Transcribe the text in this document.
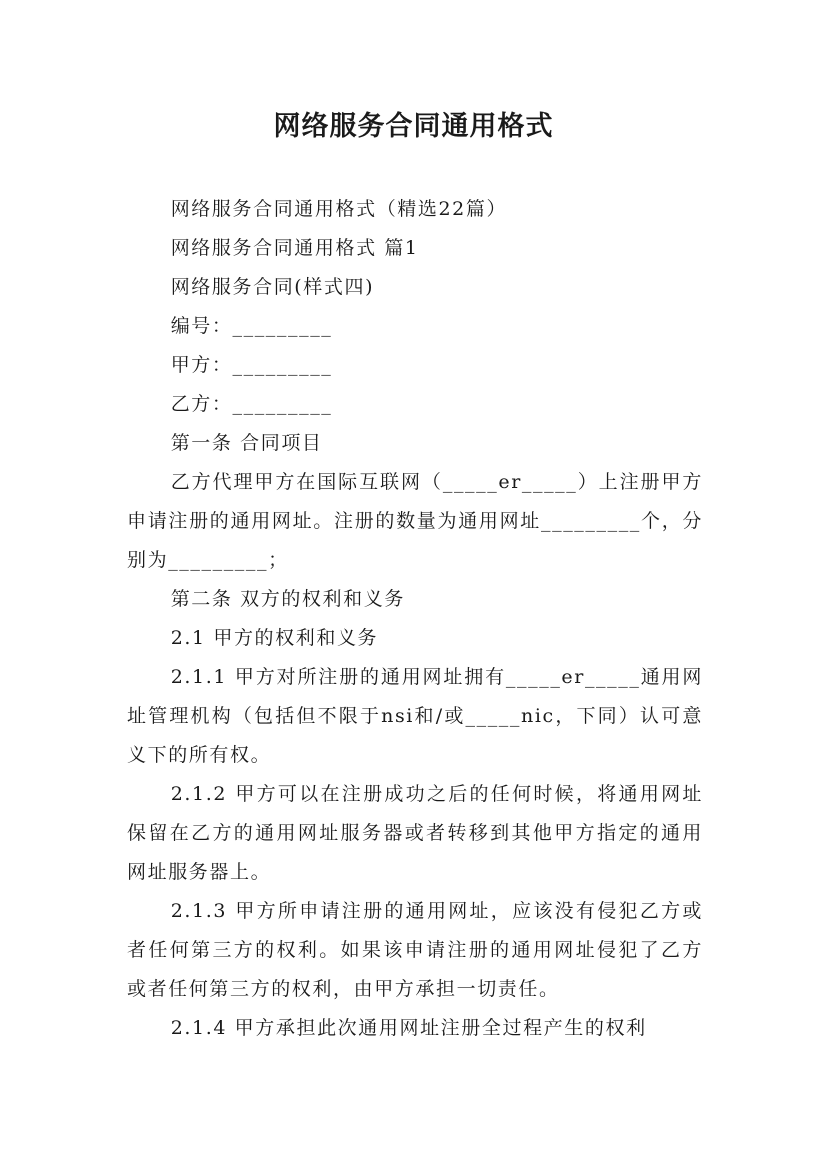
网络服务合同通用格式

网络服务合同通用格式（精选22篇）

网络服务合同通用格式 篇1

网络服务合同(样式四)

编号：_________

甲方：_________

乙方：_________

第一条 合同项目

乙方代理甲方在国际互联网（_____er_____）上注册甲方申请注册的通用网址。注册的数量为通用网址_________个，分别为_________；

第二条 双方的权利和义务

2.1 甲方的权利和义务

2.1.1 甲方对所注册的通用网址拥有_____er_____通用网址管理机构（包括但不限于nsi和/或_____nic，下同）认可意义下的所有权。

2.1.2 甲方可以在注册成功之后的任何时候，将通用网址保留在乙方的通用网址服务器或者转移到其他甲方指定的通用网址服务器上。

2.1.3 甲方所申请注册的通用网址，应该没有侵犯乙方或者任何第三方的权利。如果该申请注册的通用网址侵犯了乙方或者任何第三方的权利，由甲方承担一切责任。

2.1.4 甲方承担此次通用网址注册全过程产生的权利
